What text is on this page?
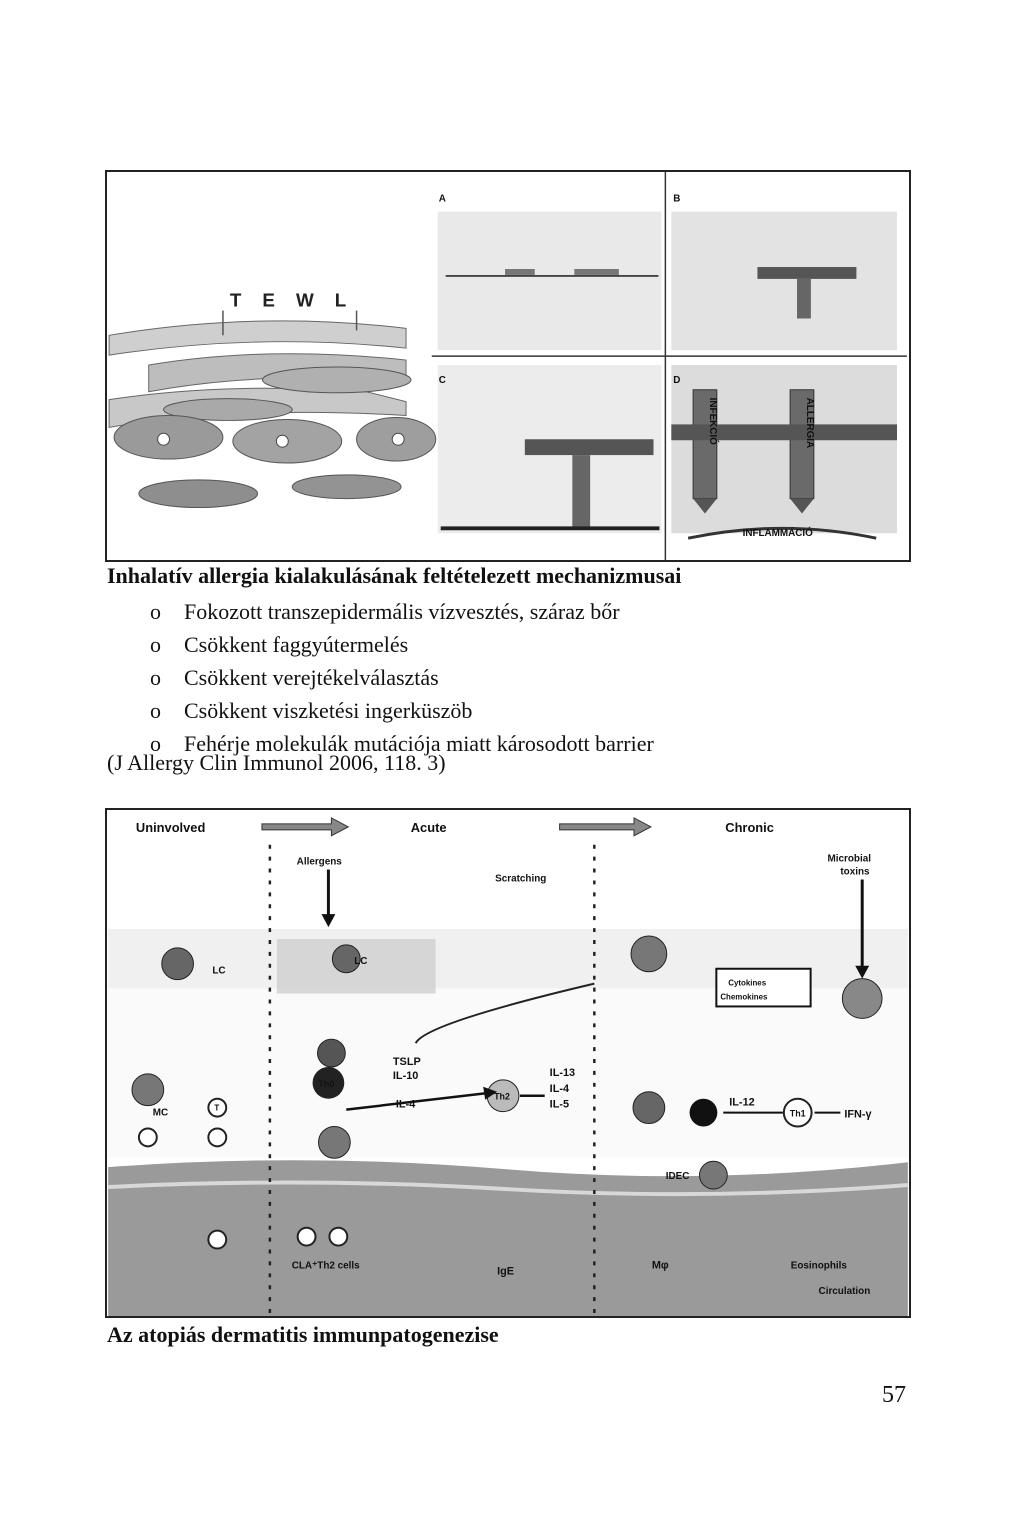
T E W L
A	B
C	D
INFEKCIÓ	ALLERGIA
INFLAMMÁCIÓ

Inhalatív allergia kialakulásának feltételezett mechanizmusai

o Fokozott transzepidermális vízvesztés, száraz bőr
o Csökkent faggyútermelés
o Csökkent verejtékelválasztás
o Csökkent viszketési ingerküszöb
o Fehérje molekulák mutációja miatt károsodott barrier

(J Allergy Clin Immunol 2006, 118. 3)

Uninvolved	Acute	Chronic
Allergens
Scratching
Microbial
toxins
LC
LC
Cytokines
Chemokines
TSLP
IL-10
IL-4
Th0
Th2
IL-13
IL-4
IL-5
Th0
IL-12
Th1	IFN-γ
MC
IDEC
CLA⁺Th2 cells	IgE	Mφ	Eosinophils
Circulation
T

Az atopiás dermatitis immunpatogenezise

57
